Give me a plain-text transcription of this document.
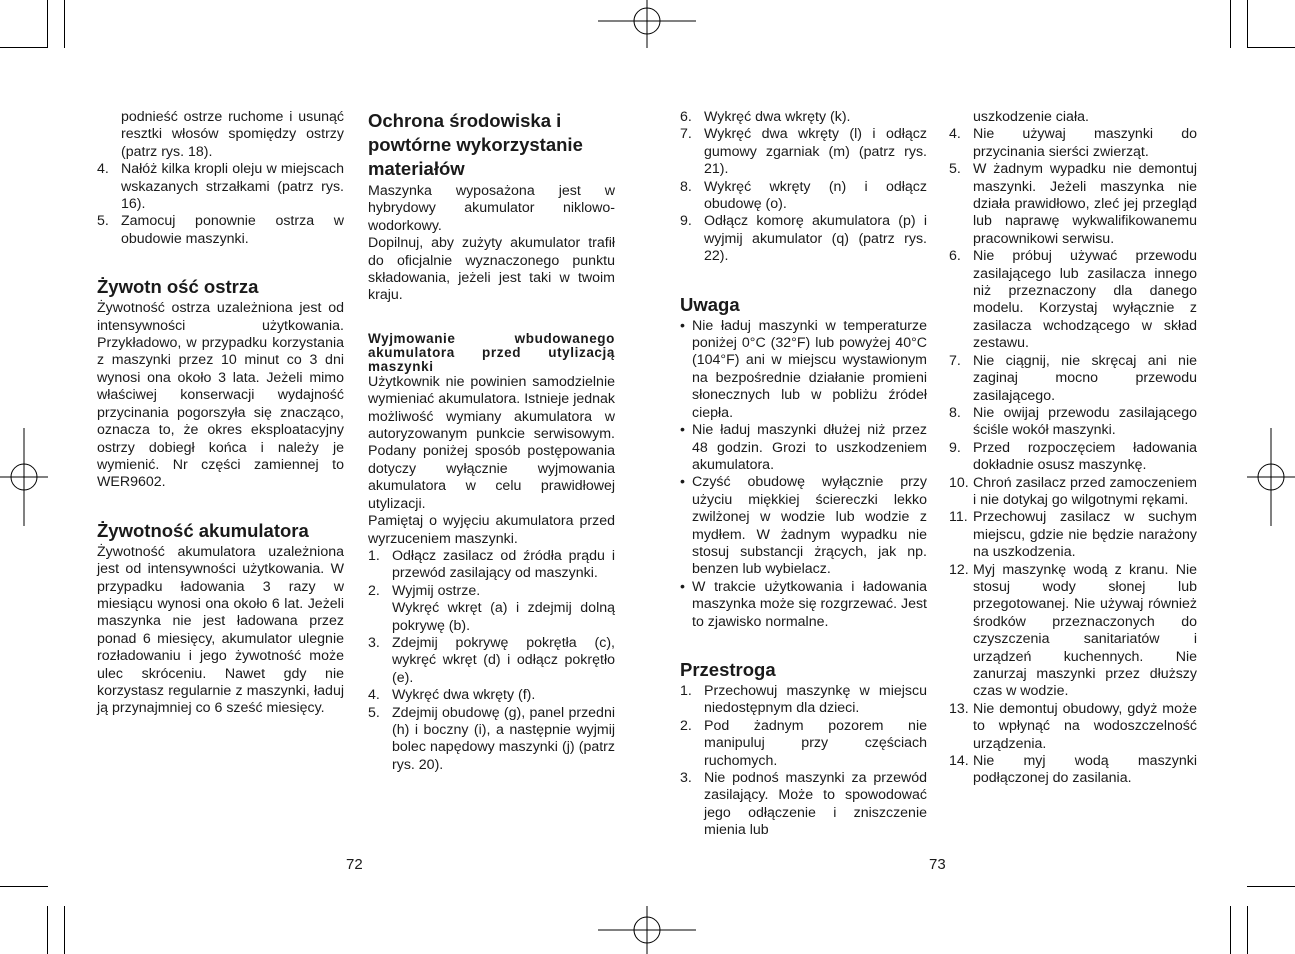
podnieść ostrze ruchome i usunąć resztki włosów spomiędzy ostrzy (patrz rys. 18).

4. Nałóż kilka kropli oleju w miejscach wskazanych strzałkami (patrz rys. 16).
5. Zamocuj ponownie ostrza w obudowie maszynki.
Żywotn ość ostrza

Żywotność ostrza uzależniona jest od intensywności użytkowania. Przykładowo, w przypadku korzystania z maszynki przez 10 minut co 3 dni wynosi ona około 3 lata. Jeżeli mimo właściwej konserwacji wydajność przycinania pogorszyła się znacząco, oznacza to, że okres eksploatacyjny ostrzy dobiegł końca i należy je wymienić. Nr części zamiennej to WER9602.

Żywotność akumulatora

Żywotność akumulatora uzależniona jest od intensywności użytkowania. W przypadku ładowania 3 razy w miesiącu wynosi ona około 6 lat. Jeżeli maszynka nie jest ładowana przez ponad 6 miesięcy, akumulator ulegnie rozładowaniu i jego żywotność może ulec skróceniu. Nawet gdy nie korzystasz regularnie z maszynki, ładuj ją przynajmniej co 6 sześć miesięcy.

Ochrona środowiska i powtórne wykorzystanie materiałów

Maszynka wyposażona jest w hybrydowy akumulator niklowo-wodorkowy.

Dopilnuj, aby zużyty akumulator trafił do oficjalnie wyznaczonego punktu składowania, jeżeli jest taki w twoim kraju.

Wyjmowanie wbudowanego akumulatora przed utylizacją maszynki

Użytkownik nie powinien samodzielnie wymieniać akumulatora. Istnieje jednak możliwość wymiany akumulatora w autoryzowanym punkcie serwisowym. Podany poniżej sposób postępowania dotyczy wyłącznie wyjmowania akumulatora w celu prawidłowej utylizacji.

Pamiętaj o wyjęciu akumulatora przed wyrzuceniem maszynki.

1. Odłącz zasilacz od źródła prądu i przewód zasilający od maszynki.
2. Wyjmij ostrze.
Wykręć wkręt (a) i zdejmij dolną pokrywę (b).
3. Zdejmij pokrywę pokrętła (c), wykręć wkręt (d) i odłącz pokrętło (e).
4. Wykręć dwa wkręty (f).
5. Zdejmij obudowę (g), panel przedni (h) i boczny (i), a następnie wyjmij bolec napędowy maszynki (j) (patrz rys. 20).
6. Wykręć dwa wkręty (k).
7. Wykręć dwa wkręty (l) i odłącz gumowy zgarniak (m) (patrz rys. 21).
8. Wykręć wkręty (n) i odłącz obudowę (o).
9. Odłącz komorę akumulatora (p) i wyjmij akumulator (q) (patrz rys. 22).
Uwaga
• Nie ładuj maszynki w temperaturze poniżej 0°C (32°F) lub powyżej 40°C (104°F) ani w miejscu wystawionym na bezpośrednie działanie promieni słonecznych lub w pobliżu źródeł ciepła.
• Nie ładuj maszynki dłużej niż przez 48 godzin. Grozi to uszkodzeniem akumulatora.
• Czyść obudowę wyłącznie przy użyciu miękkiej ściereczki lekko zwilżonej w wodzie lub wodzie z mydłem. W żadnym wypadku nie stosuj substancji żrących, jak np. benzen lub wybielacz.
• W trakcie użytkowania i ładowania maszynka może się rozgrzewać. Jest to zjawisko normalne.
Przestroga
1. Przechowuj maszynkę w miejscu niedostępnym dla dzieci.
2. Pod żadnym pozorem nie manipuluj przy częściach ruchomych.
3. Nie podnoś maszynki za przewód zasilający. Może to spowodować jego odłączenie i zniszczenie mienia lub

uszkodzenie ciała.

4. Nie używaj maszynki do przycinania sierści zwierząt.
5. W żadnym wypadku nie demontuj maszynki. Jeżeli maszynka nie działa prawidłowo, zleć jej przegląd lub naprawę wykwalifikowanemu pracownikowi serwisu.
6. Nie próbuj używać przewodu zasilającego lub zasilacza innego niż przeznaczony dla danego modelu. Korzystaj wyłącznie z zasilacza wchodzącego w skład zestawu.
7. Nie ciągnij, nie skręcaj ani nie zaginaj mocno przewodu zasilającego.
8. Nie owijaj przewodu zasilającego ściśle wokół maszynki.
9. Przed rozpoczęciem ładowania dokładnie osusz maszynkę.
10. Chroń zasilacz przed zamoczeniem i nie dotykaj go wilgotnymi rękami.
11. Przechowuj zasilacz w suchym miejscu, gdzie nie będzie narażony na uszkodzenia.
12. Myj maszynkę wodą z kranu. Nie stosuj wody słonej lub przegotowanej. Nie używaj również środków przeznaczonych do czyszczenia sanitariatów i urządzeń kuchennych. Nie zanurzaj maszynki przez dłuższy czas w wodzie.
13. Nie demontuj obudowy, gdyż może to wpłynąć na wodoszczelność urządzenia.
14. Nie myj wodą maszynki podłączonej do zasilania.
72	73
